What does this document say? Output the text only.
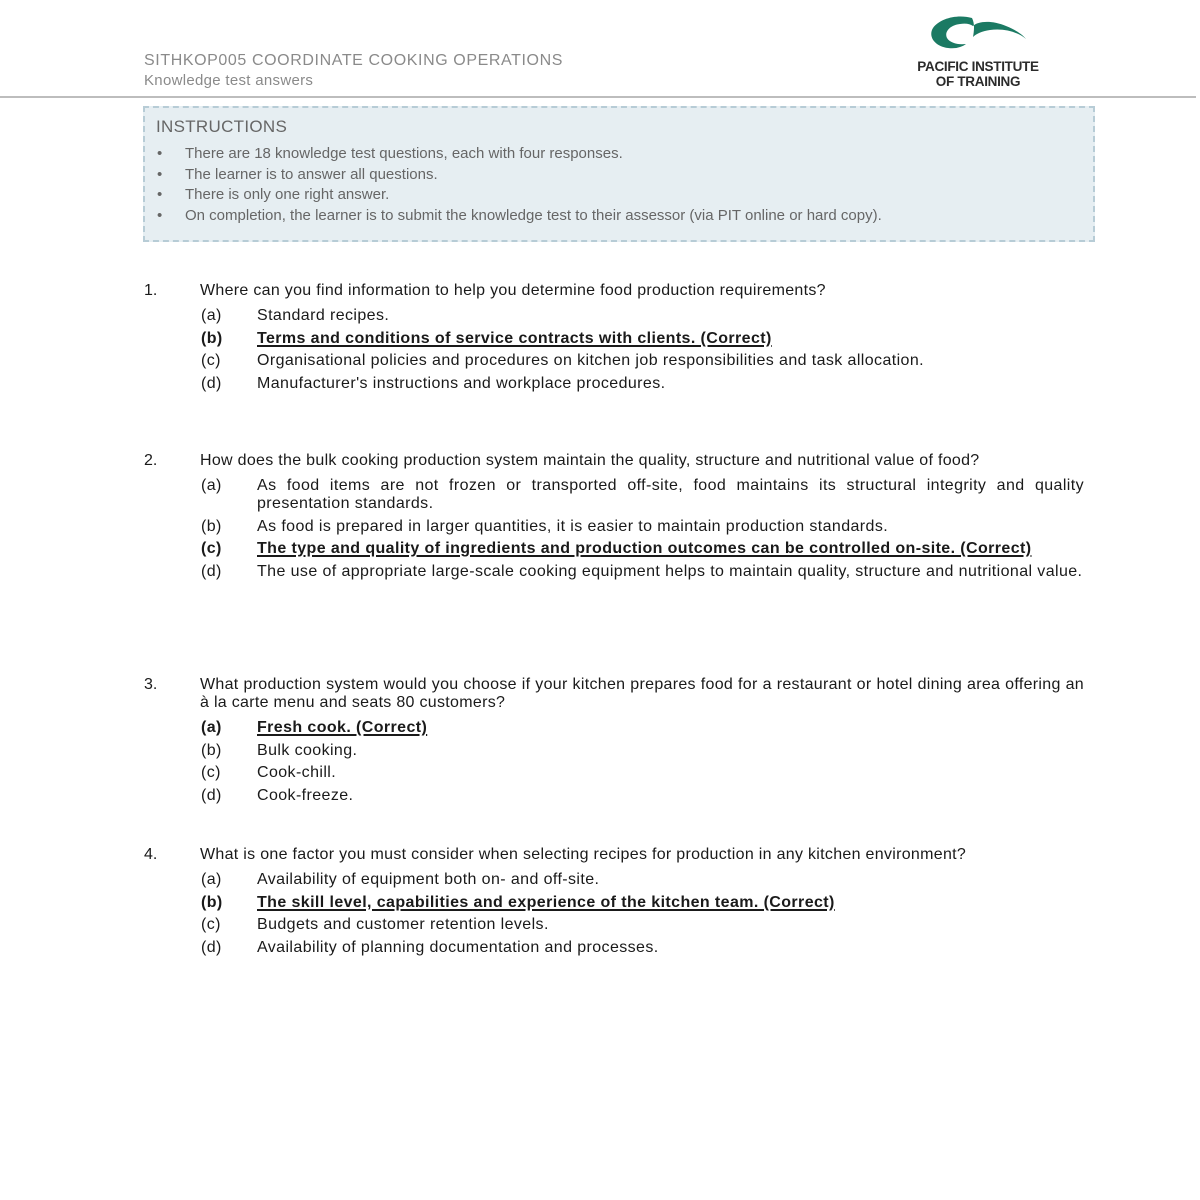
SITHKOP005 COORDINATE COOKING OPERATIONS
Knowledge test answers
PACIFIC INSTITUTE
OF TRAINING
INSTRUCTIONS
• There are 18 knowledge test questions, each with four responses.
• The learner is to answer all questions.
• There is only one right answer.
• On completion, the learner is to submit the knowledge test to their assessor (via PIT online or hard copy).
1.	Where can you find information to help you determine food production requirements?
(a) Standard recipes.
(b) Terms and conditions of service contracts with clients. (Correct)
(c) Organisational policies and procedures on kitchen job responsibilities and task allocation.
(d) Manufacturer's instructions and workplace procedures.
2.	How does the bulk cooking production system maintain the quality, structure and nutritional value of food?
(a) As food items are not frozen or transported off-site, food maintains its structural integrity and quality presentation standards.
(b) As food is prepared in larger quantities, it is easier to maintain production standards.
(c) The type and quality of ingredients and production outcomes can be controlled on-site. (Correct)
(d) The use of appropriate large-scale cooking equipment helps to maintain quality, structure and nutritional value.
3.	What production system would you choose if your kitchen prepares food for a restaurant or hotel dining area offering an à la carte menu and seats 80 customers?
(a) Fresh cook. (Correct)
(b) Bulk cooking.
(c) Cook-chill.
(d) Cook-freeze.
4.	What is one factor you must consider when selecting recipes for production in any kitchen environment?
(a) Availability of equipment both on- and off-site.
(b) The skill level, capabilities and experience of the kitchen team. (Correct)
(c) Budgets and customer retention levels.
(d) Availability of planning documentation and processes.
